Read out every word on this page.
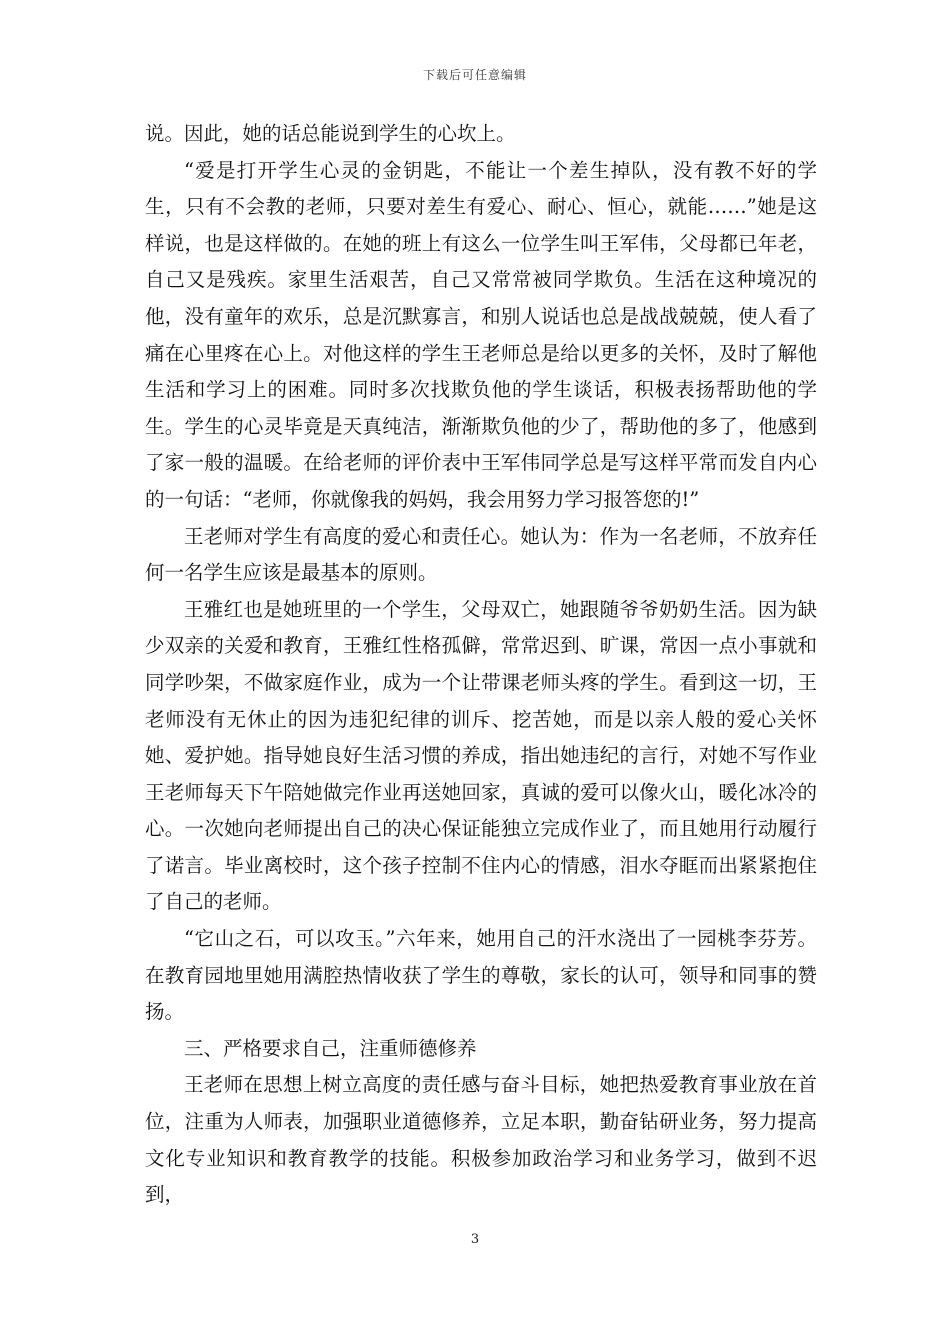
下载后可任意编辑

说。因此，她的话总能说到学生的心坎上。

“爱是打开学生心灵的金钥匙，不能让一个差生掉队，没有教不好的学生，只有不会教的老师，只要对差生有爱心、耐心、恒心，就能……”她是这样说，也是这样做的。在她的班上有这么一位学生叫王军伟，父母都已年老，自己又是残疾。家里生活艰苦，自己又常常被同学欺负。生活在这种境况的他，没有童年的欢乐，总是沉默寡言，和别人说话也总是战战兢兢，使人看了痛在心里疼在心上。对他这样的学生王老师总是给以更多的关怀，及时了解他生活和学习上的困难。同时多次找欺负他的学生谈话，积极表扬帮助他的学生。学生的心灵毕竟是天真纯洁，渐渐欺负他的少了，帮助他的多了，他感到了家一般的温暖。在给老师的评价表中王军伟同学总是写这样平常而发自内心的一句话：“老师，你就像我的妈妈，我会用努力学习报答您的!”

王老师对学生有高度的爱心和责任心。她认为：作为一名老师，不放弃任何一名学生应该是最基本的原则。

王雅红也是她班里的一个学生，父母双亡，她跟随爷爷奶奶生活。因为缺少双亲的关爱和教育，王雅红性格孤僻，常常迟到、旷课，常因一点小事就和同学吵架，不做家庭作业，成为一个让带课老师头疼的学生。看到这一切，王老师没有无休止的因为违犯纪律的训斥、挖苦她，而是以亲人般的爱心关怀她、爱护她。指导她良好生活习惯的养成，指出她违纪的言行，对她不写作业王老师每天下午陪她做完作业再送她回家，真诚的爱可以像火山，暖化冰冷的心。一次她向老师提出自己的决心保证能独立完成作业了，而且她用行动履行了诺言。毕业离校时，这个孩子控制不住内心的情感，泪水夺眶而出紧紧抱住了自己的老师。

“它山之石，可以攻玉。”六年来，她用自己的汗水浇出了一园桃李芬芳。在教育园地里她用满腔热情收获了学生的尊敬，家长的认可，领导和同事的赞扬。

三、严格要求自己，注重师德修养

王老师在思想上树立高度的责任感与奋斗目标，她把热爱教育事业放在首位，注重为人师表，加强职业道德修养，立足本职，勤奋钻研业务，努力提高文化专业知识和教育教学的技能。积极参加政治学习和业务学习，做到不迟到，

3
